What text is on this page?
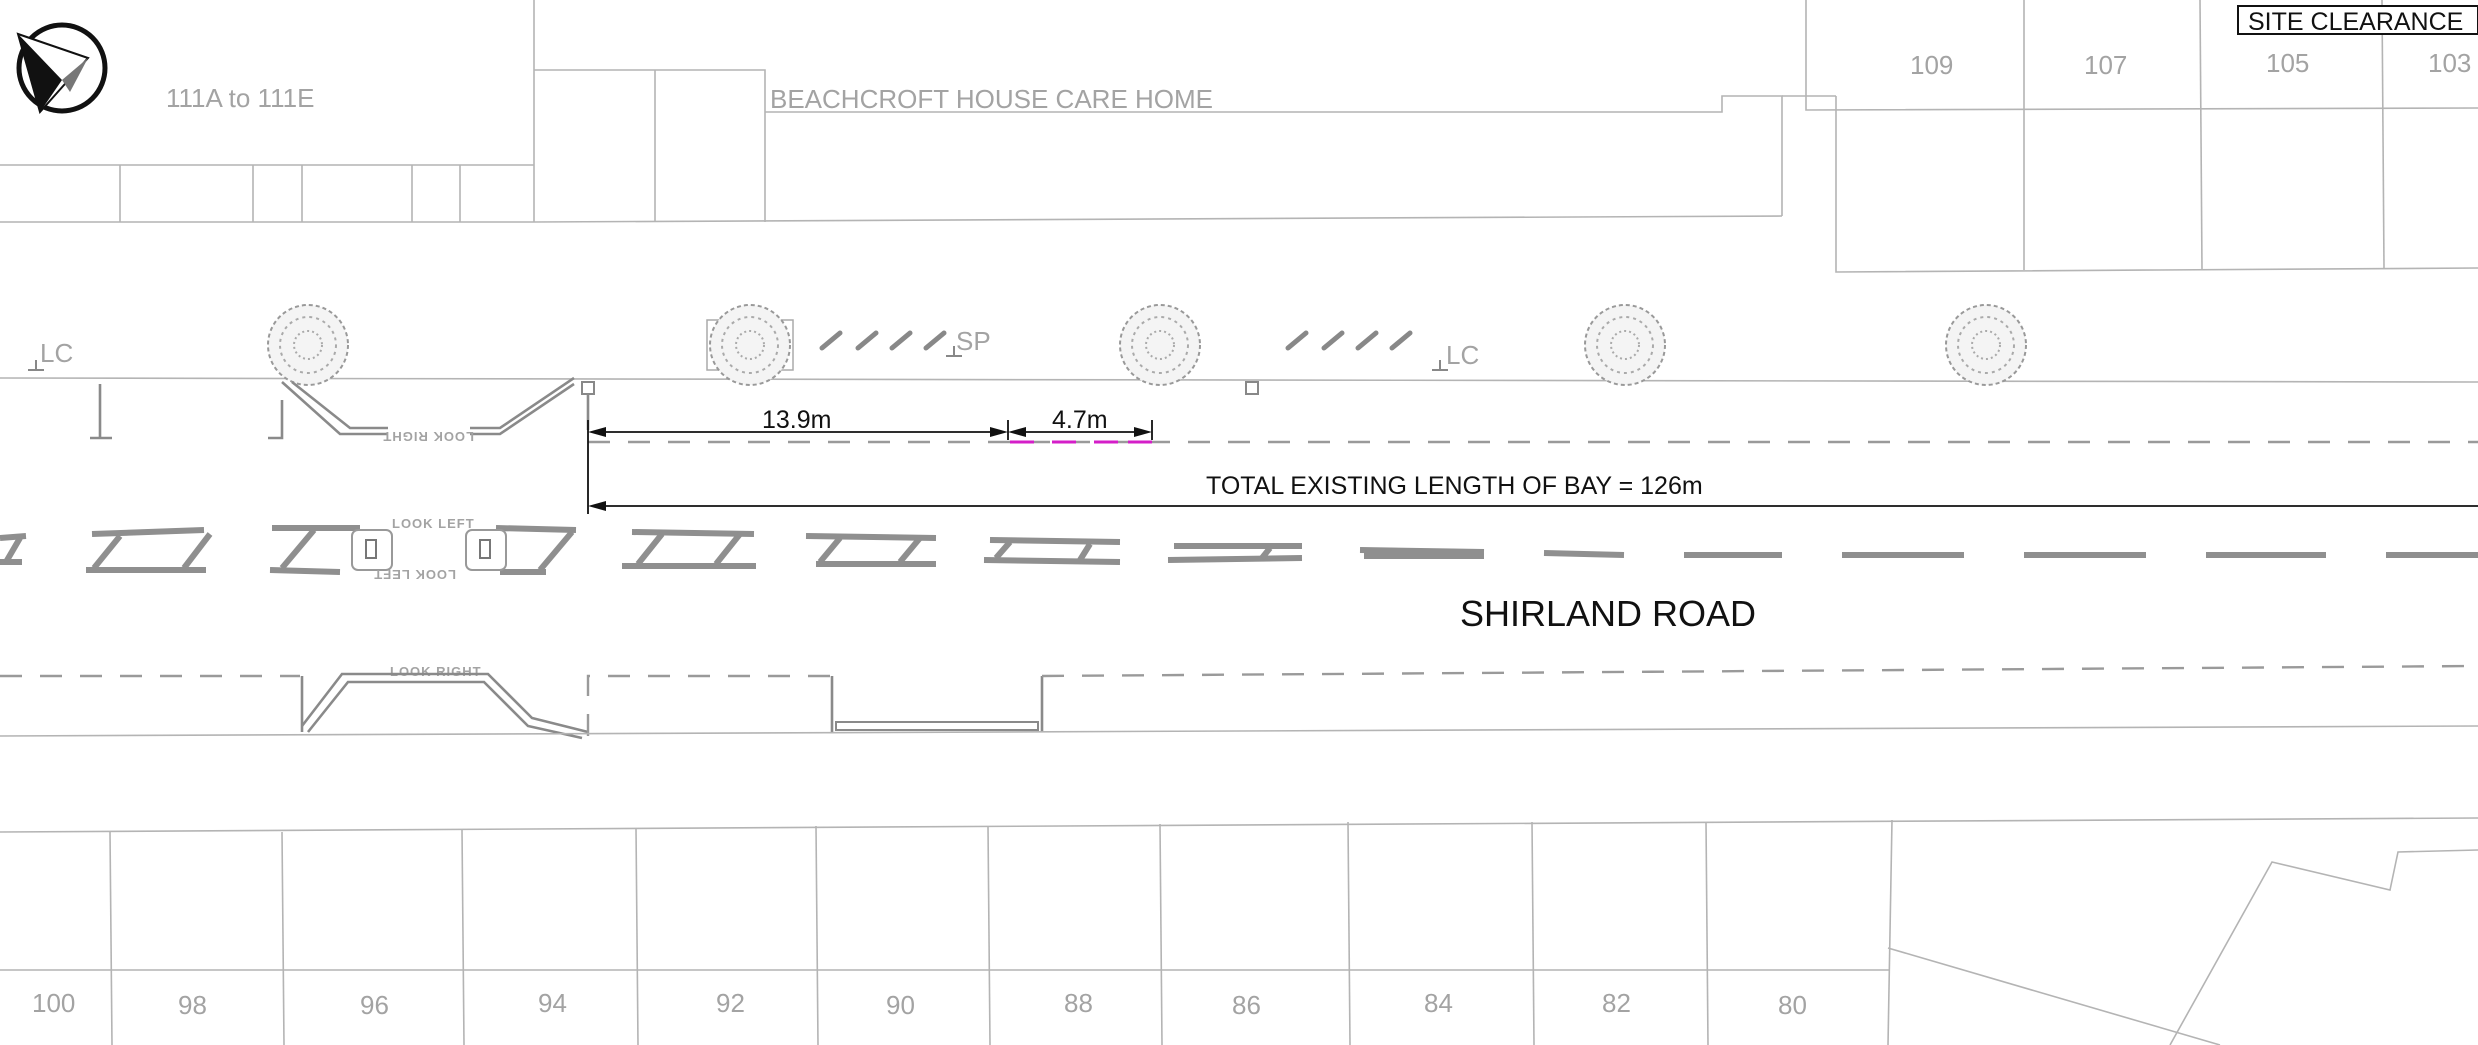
LOOK RIGHT
LOOK LEFT
LOOK LEFT
LOOK RIGHT
111A to 111E	BEACHCROFT HOUSE CARE HOME
LC	SP	LC
109	107	105	103
SITE CLEARANCE
13.9m	4.7m
TOTAL EXISTING LENGTH OF BAY = 126m
SHIRLAND ROAD
100	98	96	94	92	90	88	86	84	82	80
